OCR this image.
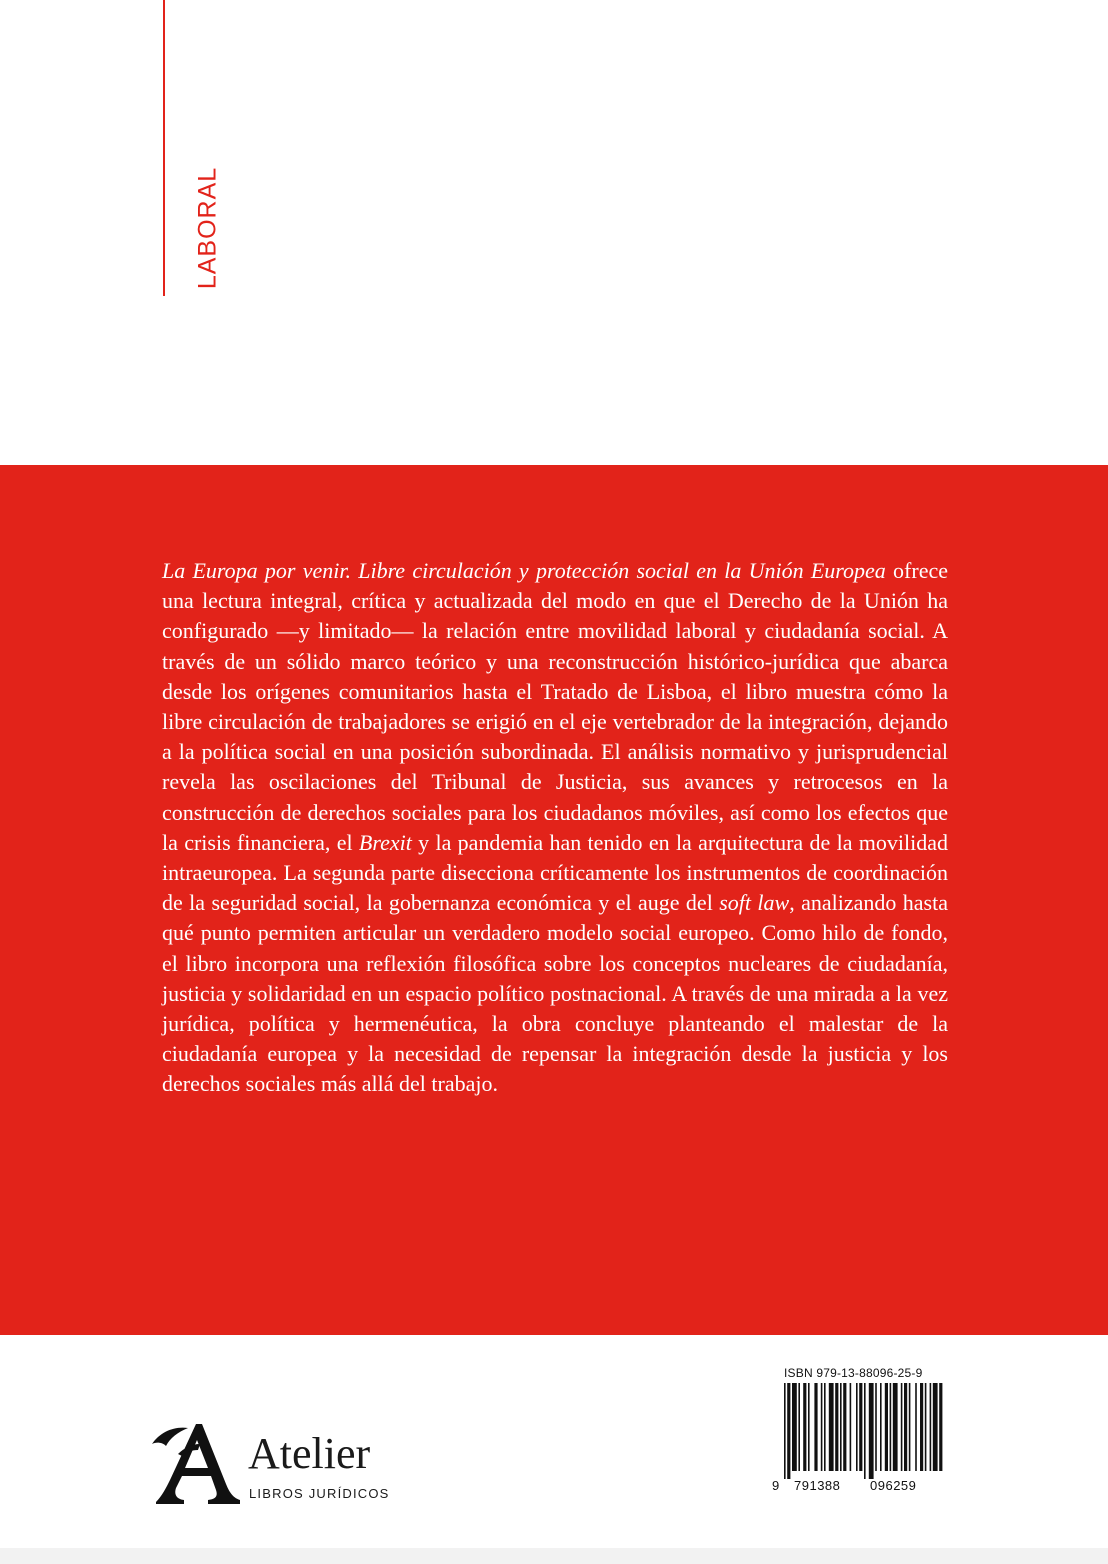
LABORAL

La Europa por venir. Libre circulación y protección social en la Unión Europea ofrece una lectura integral, crítica y actualizada del modo en que el Derecho de la Unión ha configurado —y limitado— la relación entre movilidad laboral y ciudadanía social. A través de un sólido marco teórico y una reconstrucción histórico-jurídica que abarca desde los orígenes comunitarios hasta el Tratado de Lisboa, el libro muestra cómo la libre circulación de trabajadores se erigió en el eje vertebrador de la integración, dejando a la política social en una posición subordinada. El análisis normativo y jurisprudencial revela las oscilaciones del Tribunal de Justicia, sus avances y retrocesos en la construcción de derechos sociales para los ciudadanos móviles, así como los efectos que la crisis financiera, el Brexit y la pandemia han tenido en la arquitectura de la movilidad intraeuropea. La segunda parte disecciona críticamente los instrumentos de coordinación de la seguridad social, la gobernanza económica y el auge del soft law, analizando hasta qué punto permiten articular un verdadero modelo social europeo. Como hilo de fondo, el libro incorpora una reflexión filosófica sobre los conceptos nucleares de ciudadanía, justicia y solidaridad en un espacio político postnacional. A través de una mirada a la vez jurídica, política y hermenéutica, la obra concluye planteando el malestar de la ciudadanía europea y la necesidad de repensar la integración desde la justicia y los derechos sociales más allá del trabajo.

Atelier
LIBROS JURÍDICOS
ISBN 979-13-88096-25-9
9 791388 096259
